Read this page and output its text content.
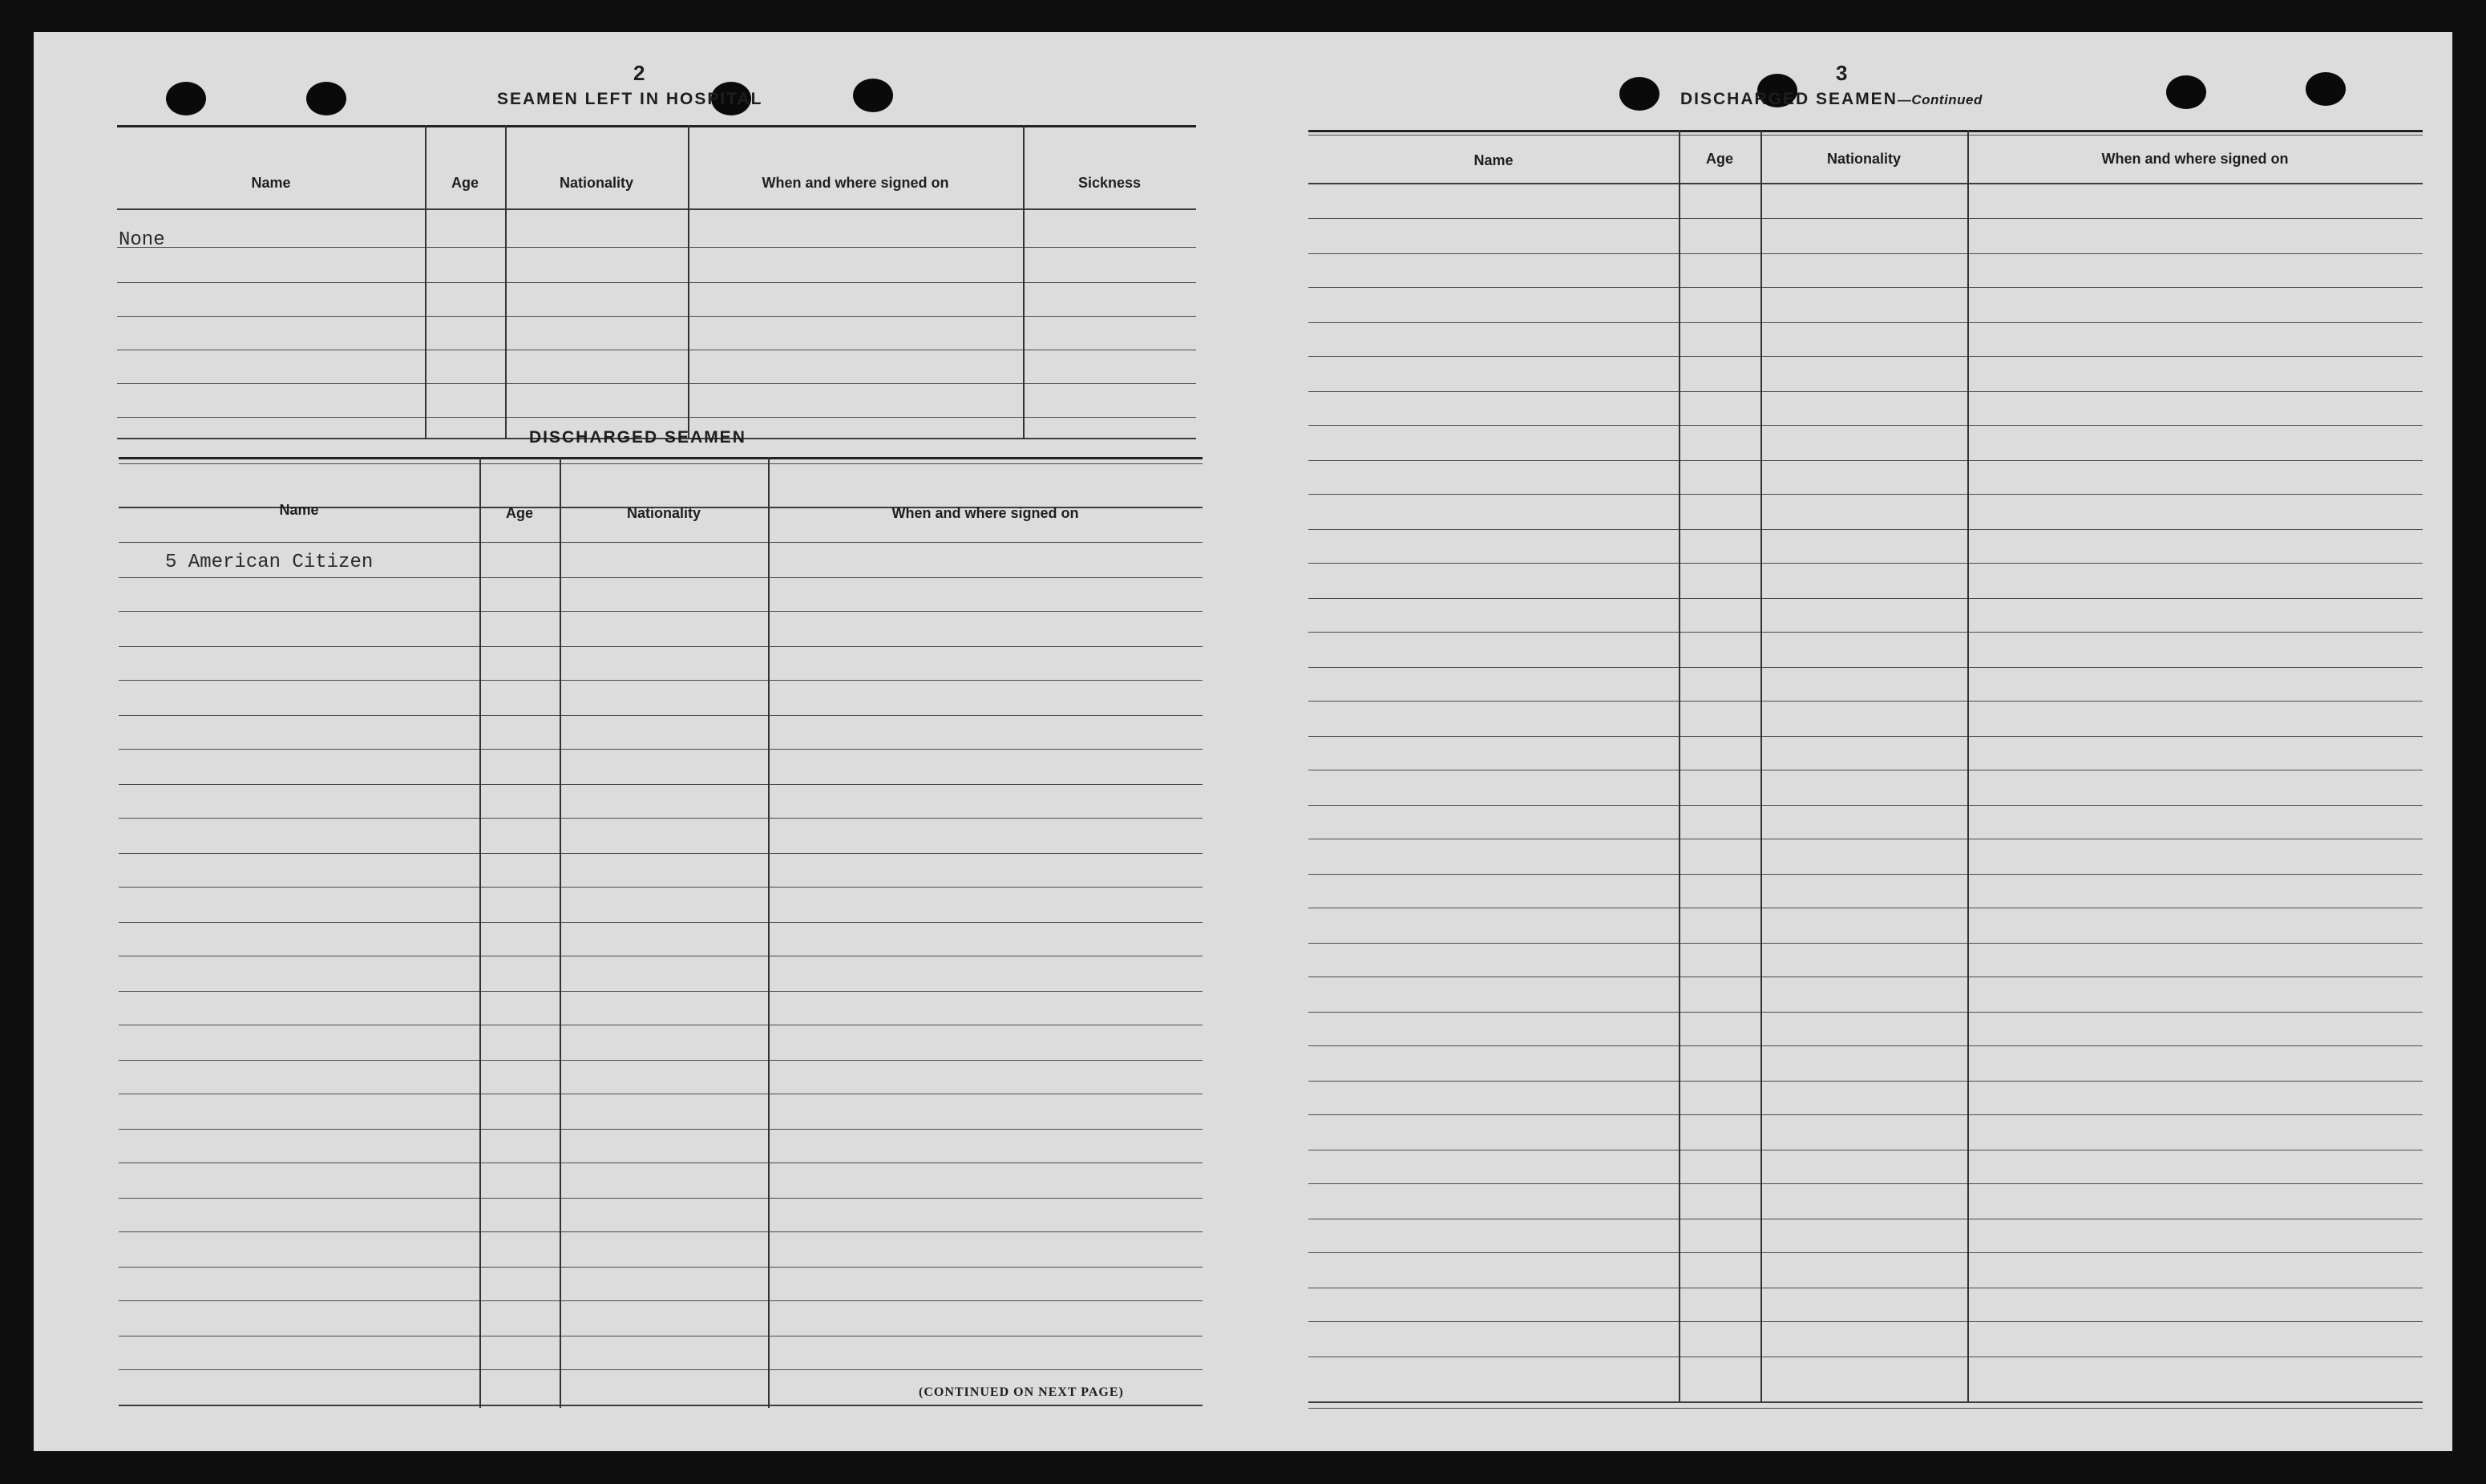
2
SEAMEN LEFT IN HOSPITAL
Name	Age	Nationality	When and where signed on	Sickness
None
DISCHARGED SEAMEN
Name	Age	Nationality	When and where signed on
5 American Citizen
(CONTINUED ON NEXT PAGE)
3
DISCHARGED SEAMEN—Continued
Name	Age	Nationality	When and where signed on
